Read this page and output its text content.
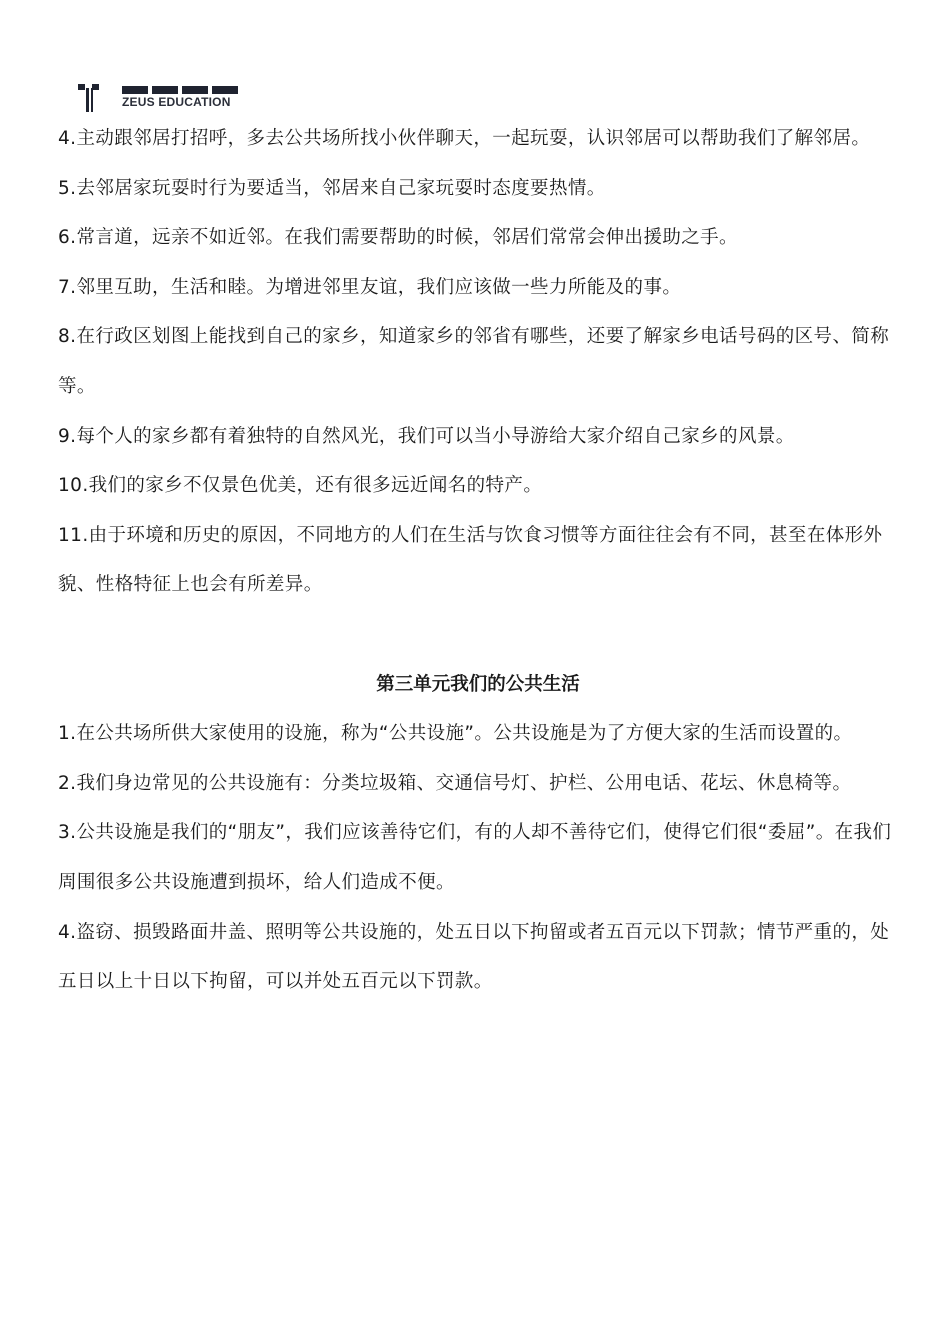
ZEUS EDUCATION

4.主动跟邻居打招呼，多去公共场所找小伙伴聊天，一起玩耍，认识邻居可以帮助我们了解邻居。

5.去邻居家玩耍时行为要适当，邻居来自己家玩耍时态度要热情。

6.常言道，远亲不如近邻。在我们需要帮助的时候，邻居们常常会伸出援助之手。

7.邻里互助，生活和睦。为增进邻里友谊，我们应该做一些力所能及的事。

8.在行政区划图上能找到自己的家乡，知道家乡的邻省有哪些，还要了解家乡电话号码的区号、简称等。

9.每个人的家乡都有着独特的自然风光，我们可以当小导游给大家介绍自己家乡的风景。

10.我们的家乡不仅景色优美，还有很多远近闻名的特产。

11.由于环境和历史的原因，不同地方的人们在生活与饮食习惯等方面往往会有不同，甚至在体形外貌、性格特征上也会有所差异。

第三单元我们的公共生活

1.在公共场所供大家使用的设施，称为“公共设施”。公共设施是为了方便大家的生活而设置的。

2.我们身边常见的公共设施有：分类垃圾箱、交通信号灯、护栏、公用电话、花坛、休息椅等。

3.公共设施是我们的“朋友”，我们应该善待它们，有的人却不善待它们，使得它们很“委屈”。在我们周围很多公共设施遭到损坏，给人们造成不便。

4.盗窃、损毁路面井盖、照明等公共设施的，处五日以下拘留或者五百元以下罚款；情节严重的，处五日以上十日以下拘留，可以并处五百元以下罚款。
